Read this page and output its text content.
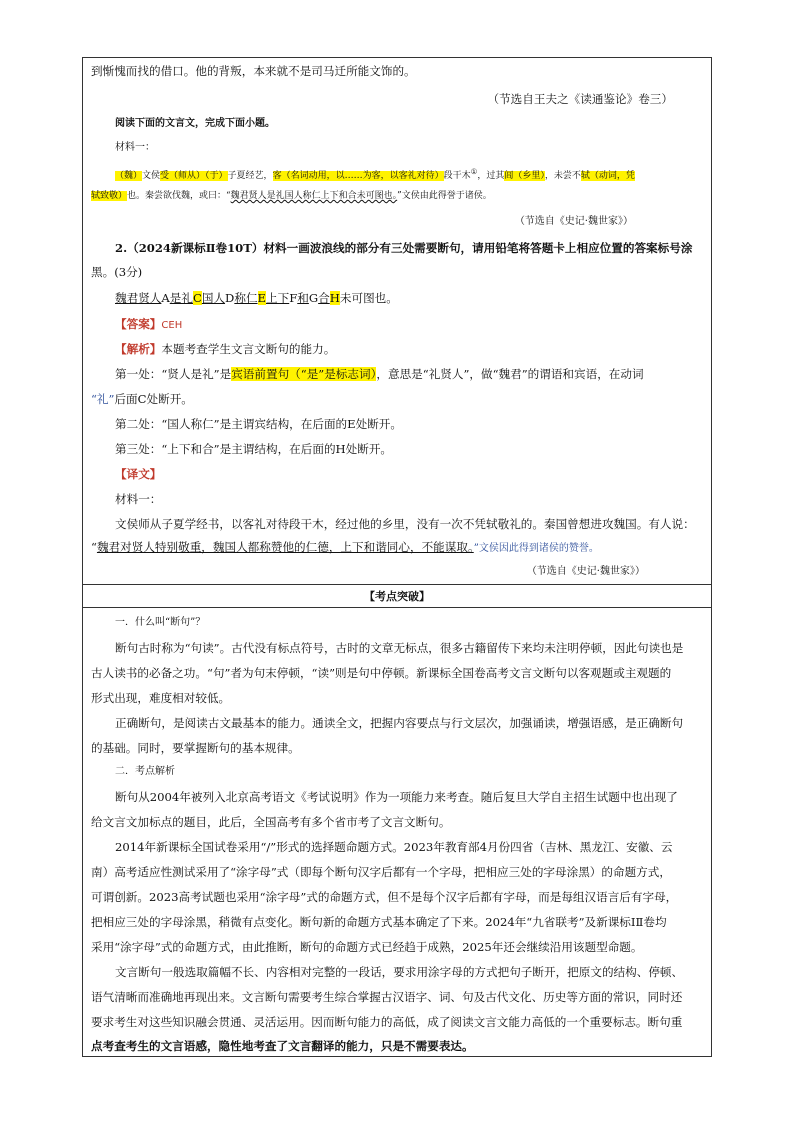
到惭愧而找的借口。他的背叛，本来就不是司马迁所能文饰的。
（节选自王夫之《读通鉴论》卷三）
阅读下面的文言文，完成下面小题。
材料一：
（魏）文侯受（师从）（于）子夏经艺，客（名词动用，以……为客，以客礼对待）段干木①，过其闾（乡里），未尝不轼（动词，凭
轼致敬）也。秦尝欲伐魏，或曰：“魏君贤人是礼国人称仁上下和合未可图也。”文侯由此得誉于诸侯。
（节选自《史记·魏世家》）
2.（2024新课标Ⅱ卷10T）材料一画波浪线的部分有三处需要断句，请用铅笔将答题卡上相应位置的答案标号涂
黑。(3分)
魏君贤人A是礼C国人D称仁E上下F和G合H未可图也。
【答案】CEH
【解析】本题考查学生文言文断句的能力。
第一处：“贤人是礼”是宾语前置句（“是”是标志词），意思是“礼贤人”，做“魏君”的谓语和宾语，在动词
“礼”后面C处断开。
第二处：“国人称仁”是主谓宾结构，在后面的E处断开。
第三处：“上下和合”是主谓结构，在后面的H处断开。
【译文】
材料一：
文侯师从子夏学经书，以客礼对待段干木，经过他的乡里，没有一次不凭轼敬礼的。秦国曾想进攻魏国。有人说：
“魏君对贤人特别敬重，魏国人都称赞他的仁德，上下和谐同心，不能谋取。”文侯因此得到诸侯的赞誉。
（节选自《史记·魏世家》）
【考点突破】
一．什么叫“断句”？
断句古时称为“句读”。古代没有标点符号，古时的文章无标点，很多古籍留传下来均未注明停顿，因此句读也是
古人读书的必备之功。“句”者为句末停顿，“读”则是句中停顿。新课标全国卷高考文言文断句以客观题或主观题的
形式出现，难度相对较低。
正确断句，是阅读古文最基本的能力。通读全文，把握内容要点与行文层次，加强诵读，增强语感，是正确断句
的基础。同时，要掌握断句的基本规律。
二．考点解析
断句从2004年被列入北京高考语文《考试说明》作为一项能力来考查。随后复旦大学自主招生试题中也出现了
给文言文加标点的题目，此后，全国高考有多个省市考了文言文断句。
2014年新课标全国试卷采用“/”形式的选择题命题方式。2023年教育部4月份四省（吉林、黑龙江、安徽、云
南）高考适应性测试采用了“涂字母”式（即每个断句汉字后都有一个字母，把相应三处的字母涂黑）的命题方式，
可谓创新。2023高考试题也采用“涂字母”式的命题方式，但不是每个汉字后都有字母，而是每组汉语言后有字母，
把相应三处的字母涂黑，稍微有点变化。断句新的命题方式基本确定了下来。2024年“九省联考”及新课标ⅠⅡ卷均
采用“涂字母”式的命题方式，由此推断，断句的命题方式已经趋于成熟，2025年还会继续沿用该题型命题。
文言断句一般选取篇幅不长、内容相对完整的一段话，要求用涂字母的方式把句子断开，把原文的结构、停顿、
语气清晰而准确地再现出来。文言断句需要考生综合掌握古汉语字、词、句及古代文化、历史等方面的常识，同时还
要求考生对这些知识融会贯通、灵活运用。因而断句能力的高低，成了阅读文言文能力高低的一个重要标志。断句重
点考查考生的文言语感，隐性地考查了文言翻译的能力，只是不需要表达。
